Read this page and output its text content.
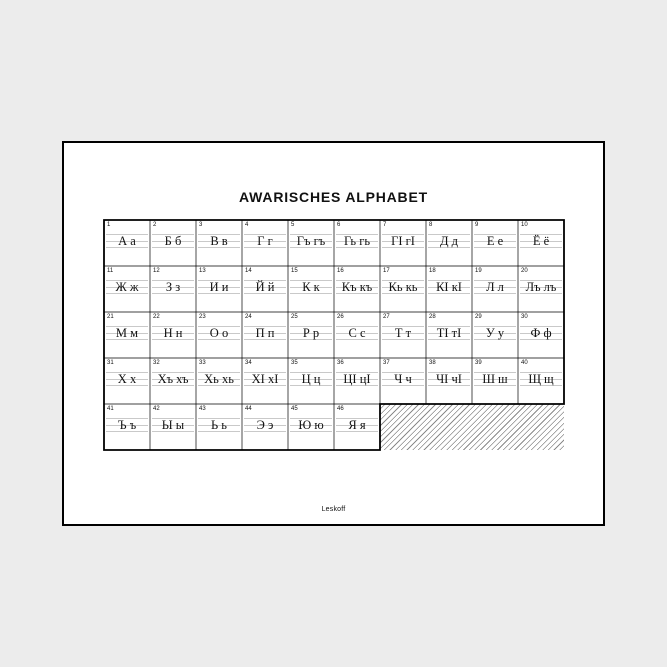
AWARISCHES ALPHABET
1
А а
2
Б б
3
В в
4
Г г
5
Гъ гъ
6
Гь гь
7
ГӀ гӀ
8
Д д
9
Е е
10
Ё ё
11
Ж ж
12
З з
13
И и
14
Й й
15
К к
16
Къ къ
17
Кь кь
18
КӀ кӀ
19
Л л
20
Лъ лъ
21
М м
22
Н н
23
О о
24
П п
25
Р р
26
С с
27
Т т
28
ТӀ тӀ
29
У у
30
Ф ф
31
Х х
32
Хъ хъ
33
Хь хь
34
ХӀ хӀ
35
Ц ц
36
ЦӀ цӀ
37
Ч ч
38
ЧӀ чӀ
39
Ш ш
40
Щ щ
41
Ъ ъ
42
Ы ы
43
Ь ь
44
Э э
45
Ю ю
46
Я я
Leskoff
